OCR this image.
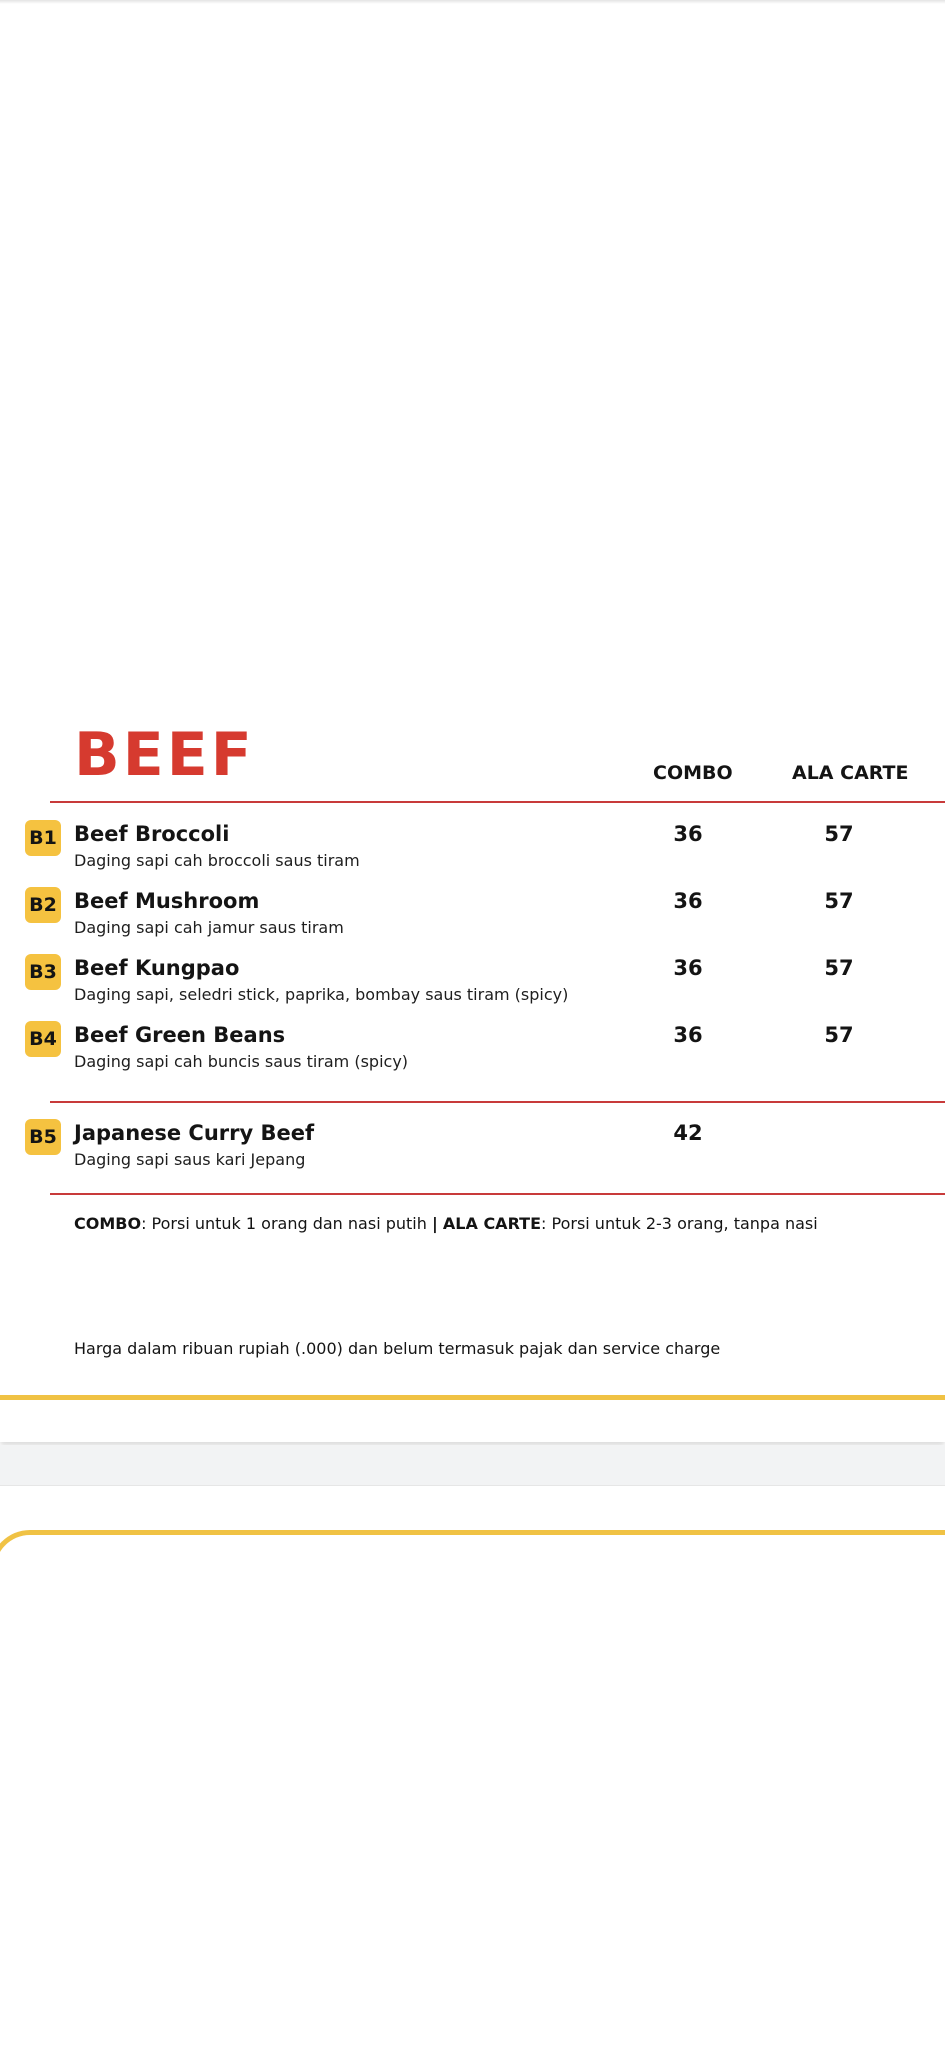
BEEF	COMBO	ALA CARTE
B1 Beef Broccoli
Daging sapi cah broccoli saus tiram
36	57
B2 Beef Mushroom
Daging sapi cah jamur saus tiram
36	57
B3 Beef Kungpao
Daging sapi, seledri stick, paprika, bombay saus tiram (spicy)
36	57
B4 Beef Green Beans
Daging sapi cah buncis saus tiram (spicy)
36	57
B5 Japanese Curry Beef
Daging sapi saus kari Jepang
42
COMBO: Porsi untuk 1 orang dan nasi putih | ALA CARTE: Porsi untuk 2-3 orang, tanpa nasi
Harga dalam ribuan rupiah (.000) dan belum termasuk pajak dan service charge
